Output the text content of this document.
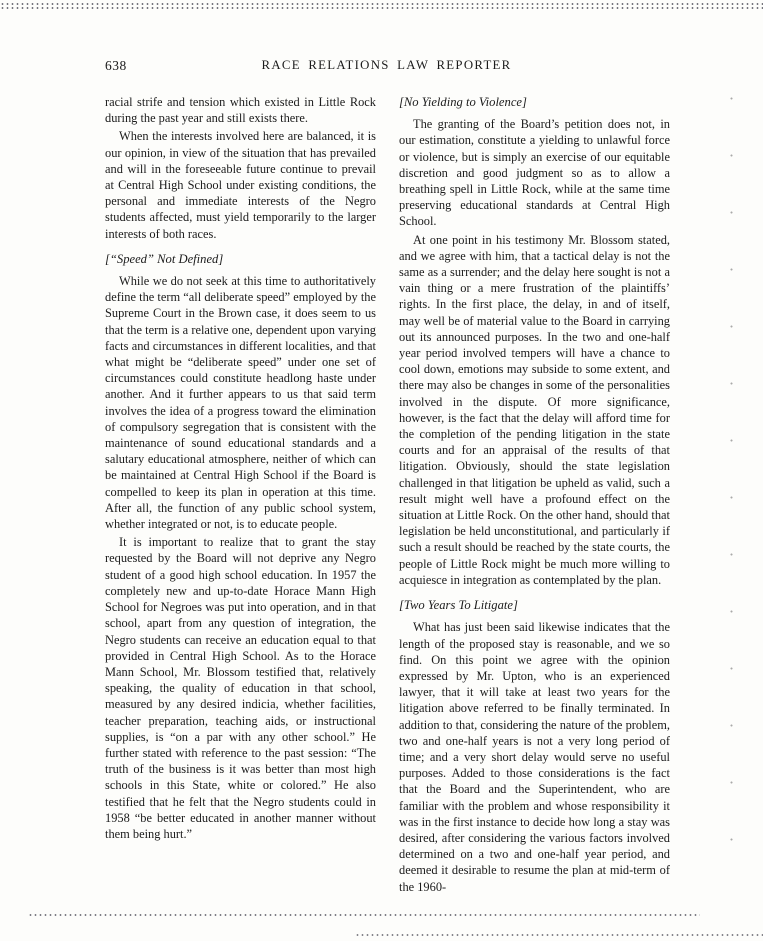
638	RACE RELATIONS LAW REPORTER

racial strife and tension which existed in Little Rock during the past year and still exists there.

When the interests involved here are balanced, it is our opinion, in view of the situation that has prevailed and will in the foreseeable future continue to prevail at Central High School under existing conditions, the personal and immediate interests of the Negro students affected, must yield temporarily to the larger interests of both races.

[“Speed” Not Defined]

While we do not seek at this time to authoritatively define the term “all deliberate speed” employed by the Supreme Court in the Brown case, it does seem to us that the term is a relative one, dependent upon varying facts and circumstances in different localities, and that what might be “deliberate speed” under one set of circumstances could constitute headlong haste under another. And it further appears to us that said term involves the idea of a progress toward the elimination of compulsory segregation that is consistent with the maintenance of sound educational standards and a salutary educational atmosphere, neither of which can be maintained at Central High School if the Board is compelled to keep its plan in operation at this time. After all, the function of any public school system, whether integrated or not, is to educate people.

It is important to realize that to grant the stay requested by the Board will not deprive any Negro student of a good high school education. In 1957 the completely new and up-to-date Horace Mann High School for Negroes was put into operation, and in that school, apart from any question of integration, the Negro students can receive an education equal to that provided in Central High School. As to the Horace Mann School, Mr. Blossom testified that, relatively speaking, the quality of education in that school, measured by any desired indicia, whether facilities, teacher preparation, teaching aids, or instructional supplies, is “on a par with any other school.” He further stated with reference to the past session: “The truth of the business is it was better than most high schools in this State, white or colored.” He also testified that he felt that the Negro students could in 1958 “be better educated in another manner without them being hurt.”

[No Yielding to Violence]

The granting of the Board’s petition does not, in our estimation, constitute a yielding to unlawful force or violence, but is simply an exercise of our equitable discretion and good judgment so as to allow a breathing spell in Little Rock, while at the same time preserving educational standards at Central High School.

At one point in his testimony Mr. Blossom stated, and we agree with him, that a tactical delay is not the same as a surrender; and the delay here sought is not a vain thing or a mere frustration of the plaintiffs’ rights. In the first place, the delay, in and of itself, may well be of material value to the Board in carrying out its announced purposes. In the two and one-half year period involved tempers will have a chance to cool down, emotions may subside to some extent, and there may also be changes in some of the personalities involved in the dispute. Of more significance, however, is the fact that the delay will afford time for the completion of the pending litigation in the state courts and for an appraisal of the results of that litigation. Obviously, should the state legislation challenged in that litigation be upheld as valid, such a result might well have a profound effect on the situation at Little Rock. On the other hand, should that legislation be held unconstitutional, and particularly if such a result should be reached by the state courts, the people of Little Rock might be much more willing to acquiesce in integration as contemplated by the plan.

[Two Years To Litigate]

What has just been said likewise indicates that the length of the proposed stay is reasonable, and we so find. On this point we agree with the opinion expressed by Mr. Upton, who is an experienced lawyer, that it will take at least two years for the litigation above referred to be finally terminated. In addition to that, considering the nature of the problem, two and one-half years is not a very long period of time; and a very short delay would serve no useful purposes. Added to those considerations is the fact that the Board and the Superintendent, who are familiar with the problem and whose responsibility it was in the first instance to decide how long a stay was desired, after considering the various factors involved determined on a two and one-half year period, and deemed it desirable to resume the plan at mid-term of the 1960-
